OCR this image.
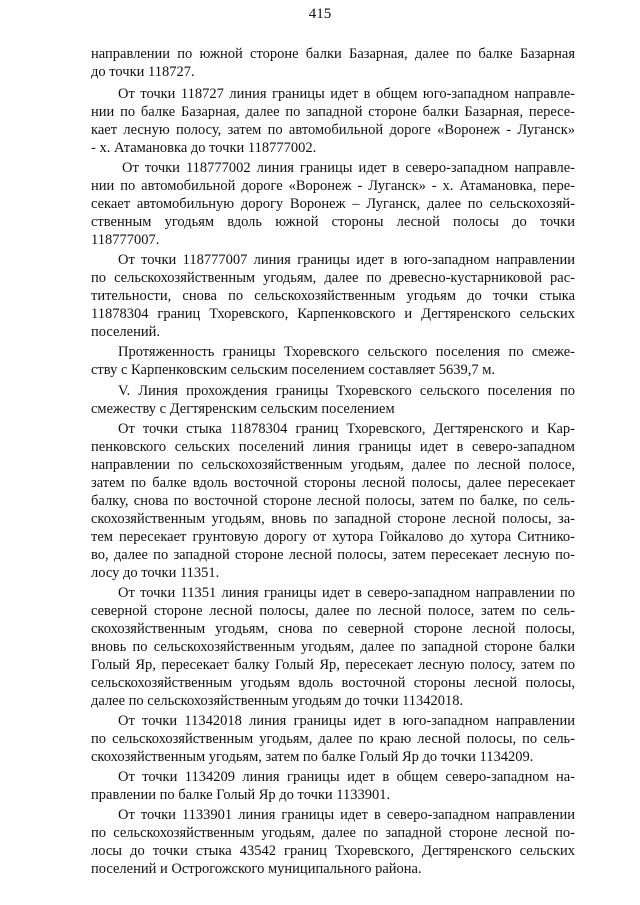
415
направлении по южной стороне балки Базарная, далее по балке Базарная
до точки 118727.
От точки 118727 линия границы идет в общем юго-западном направле-
нии по балке Базарная, далее по западной стороне балки Базарная, пересе-
кает лесную полосу, затем по автомобильной дороге «Воронеж - Луганск»
- х. Атамановка до точки 118777002.
От точки 118777002 линия границы идет в северо-западном направле-
нии по автомобильной дороге «Воронеж - Луганск» - х. Атамановка, пере-
секает автомобильную дорогу Воронеж – Луганск, далее по сельскохозяй-
ственным угодьям вдоль южной стороны лесной полосы до точки
118777007.
От точки 118777007 линия границы идет в юго-западном направлении
по сельскохозяйственным угодьям, далее по древесно-кустарниковой рас-
тительности, снова по сельскохозяйственным угодьям до точки стыка
11878304 границ Тхоревского, Карпенковского и Дегтяренского сельских
поселений.
Протяженность границы Тхоревского сельского поселения по смеже-
ству с Карпенковским сельским поселением составляет 5639,7 м.
V. Линия прохождения границы Тхоревского сельского поселения по
смежеству с Дегтяренским сельским поселением
От точки стыка 11878304 границ Тхоревского, Дегтяренского и Кар-
пенковского сельских поселений линия границы идет в северо-западном
направлении по сельскохозяйственным угодьям, далее по лесной полосе,
затем по балке вдоль восточной стороны лесной полосы, далее пересекает
балку, снова по восточной стороне лесной полосы, затем по балке, по сель-
скохозяйственным угодьям, вновь по западной стороне лесной полосы, за-
тем пересекает грунтовую дорогу от хутора Гойкалово до хутора Ситнико-
во, далее по западной стороне лесной полосы, затем пересекает лесную по-
лосу до точки 11351.
От точки 11351 линия границы идет в северо-западном направлении по
северной стороне лесной полосы, далее по лесной полосе, затем по сель-
скохозяйственным угодьям, снова по северной стороне лесной полосы,
вновь по сельскохозяйственным угодьям, далее по западной стороне балки
Голый Яр, пересекает балку Голый Яр, пересекает лесную полосу, затем по
сельскохозяйственным угодьям вдоль восточной стороны лесной полосы,
далее по сельскохозяйственным угодьям до точки 11342018.
От точки 11342018 линия границы идет в юго-западном направлении
по сельскохозяйственным угодьям, далее по краю лесной полосы, по сель-
скохозяйственным угодьям, затем по балке Голый Яр до точки 1134209.
От точки 1134209 линия границы идет в общем северо-западном на-
правлении по балке Голый Яр до точки 1133901.
От точки 1133901 линия границы идет в северо-западном направлении
по сельскохозяйственным угодьям, далее по западной стороне лесной по-
лосы до точки стыка 43542 границ Тхоревского, Дегтяренского сельских
поселений и Острогожского муниципального района.
